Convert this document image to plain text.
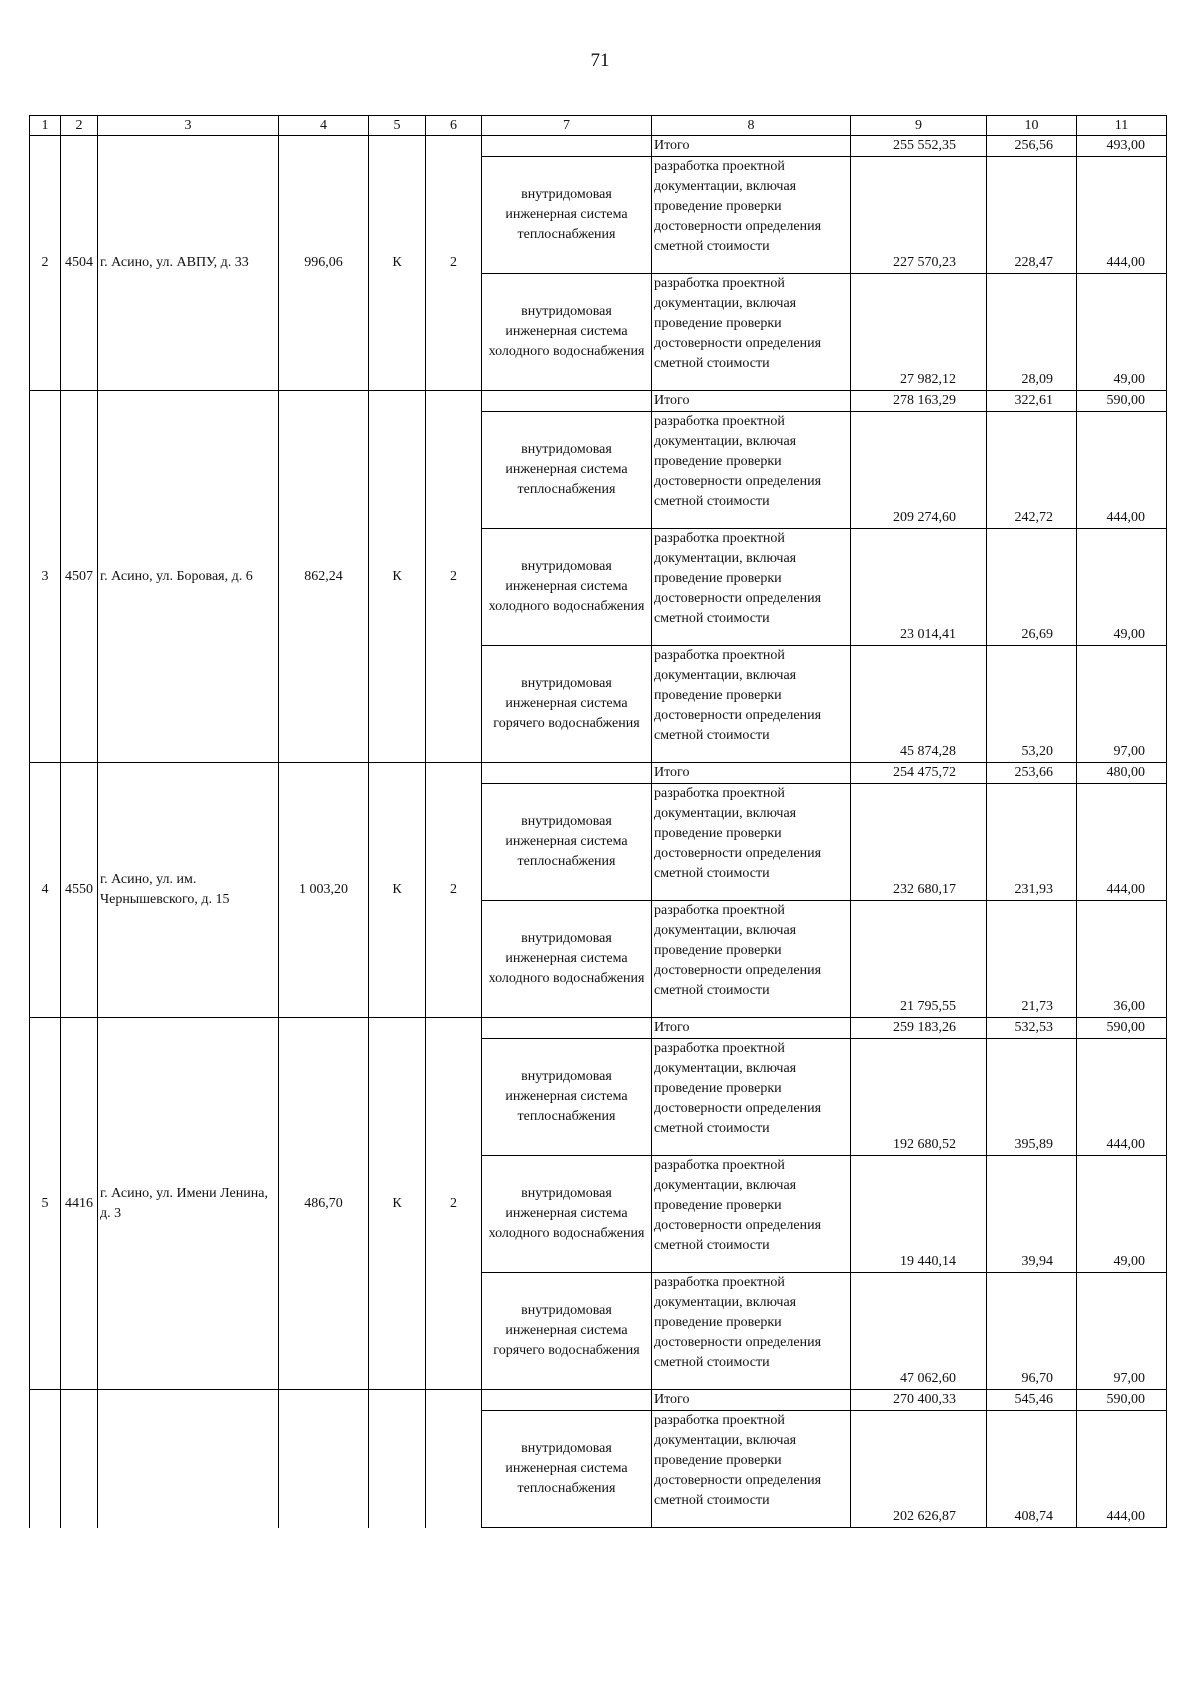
71
1	2	3	4	5	6	7	8	9	10	11
2	4504	г. Асино, ул. АВПУ, д. 33	996,06	К	2		Итого	255 552,35	256,56	493,00
						внутридомовая инженерная система теплоснабжения	разработка проектной документации, включая проведение проверки достоверности определения сметной стоимости	227 570,23	228,47	444,00
						внутридомовая инженерная система холодного водоснабжения	разработка проектной документации, включая проведение проверки достоверности определения сметной стоимости	27 982,12	28,09	49,00
3	4507	г. Асино, ул. Боровая, д. 6	862,24	К	2		Итого	278 163,29	322,61	590,00
						внутридомовая инженерная система теплоснабжения	разработка проектной документации, включая проведение проверки достоверности определения сметной стоимости	209 274,60	242,72	444,00
						внутридомовая инженерная система холодного водоснабжения	разработка проектной документации, включая проведение проверки достоверности определения сметной стоимости	23 014,41	26,69	49,00
						внутридомовая инженерная система горячего водоснабжения	разработка проектной документации, включая проведение проверки достоверности определения сметной стоимости	45 874,28	53,20	97,00
4	4550	г. Асино, ул. им. Чернышевского, д. 15	1 003,20	К	2		Итого	254 475,72	253,66	480,00
						внутридомовая инженерная система теплоснабжения	разработка проектной документации, включая проведение проверки достоверности определения сметной стоимости	232 680,17	231,93	444,00
						внутридомовая инженерная система холодного водоснабжения	разработка проектной документации, включая проведение проверки достоверности определения сметной стоимости	21 795,55	21,73	36,00
5	4416	г. Асино, ул. Имени Ленина, д. 3	486,70	К	2		Итого	259 183,26	532,53	590,00
						внутридомовая инженерная система теплоснабжения	разработка проектной документации, включая проведение проверки достоверности определения сметной стоимости	192 680,52	395,89	444,00
						внутридомовая инженерная система холодного водоснабжения	разработка проектной документации, включая проведение проверки достоверности определения сметной стоимости	19 440,14	39,94	49,00
						внутридомовая инженерная система горячего водоснабжения	разработка проектной документации, включая проведение проверки достоверности определения сметной стоимости	47 062,60	96,70	97,00
							Итого	270 400,33	545,46	590,00
						внутридомовая инженерная система теплоснабжения	разработка проектной документации, включая проведение проверки достоверности определения сметной стоимости	202 626,87	408,74	444,00
